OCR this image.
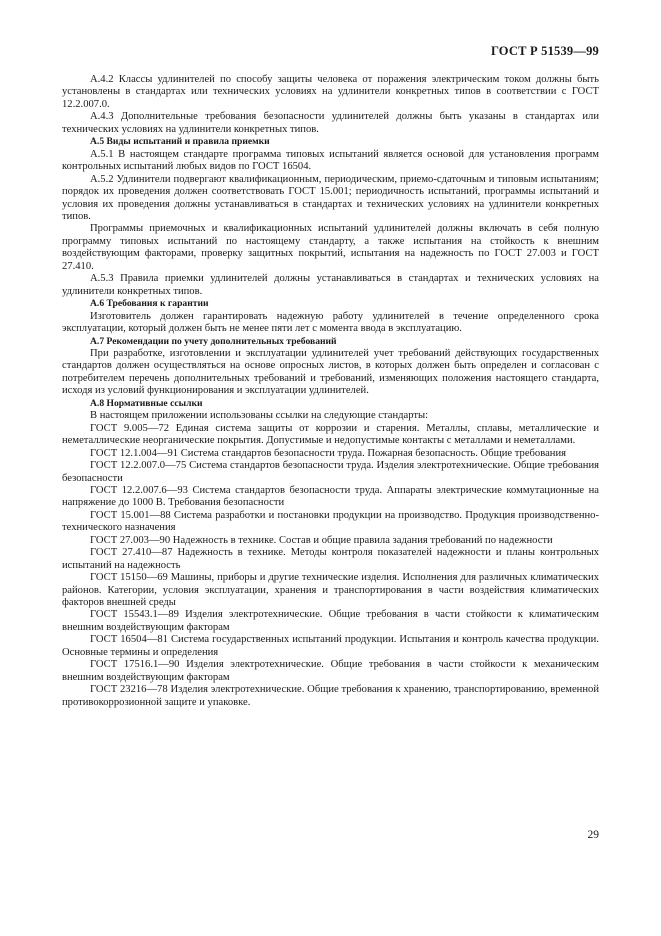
ГОСТ Р 51539—99

А.4.2 Классы удлинителей по способу защиты человека от поражения электрическим током должны быть установлены в стандартах или технических условиях на удлинители конкретных типов в соответствии с ГОСТ 12.2.007.0.

А.4.3 Дополнительные требования безопасности удлинителей должны быть указаны в стандартах или технических условиях на удлинители конкретных типов.

А.5 Виды испытаний и правила приемки

А.5.1 В настоящем стандарте программа типовых испытаний является основой для установления программ контрольных испытаний любых видов по ГОСТ 16504.

А.5.2 Удлинители подвергают квалификационным, периодическим, приемо-сдаточным и типовым испытаниям; порядок их проведения должен соответствовать ГОСТ 15.001; периодичность испытаний, программы испытаний и условия их проведения должны устанавливаться в стандартах и технических условиях на удлинители конкретных типов.

Программы приемочных и квалификационных испытаний удлинителей должны включать в себя полную программу типовых испытаний по настоящему стандарту, а также испытания на стойкость к внешним воздействующим факторами, проверку защитных покрытий, испытания на надежность по ГОСТ 27.003 и ГОСТ 27.410.

А.5.3 Правила приемки удлинителей должны устанавливаться в стандартах и технических условиях на удлинители конкретных типов.

А.6 Требования к гарантии

Изготовитель должен гарантировать надежную работу удлинителей в течение определенного срока эксплуатации, который должен быть не менее пяти лет с момента ввода в эксплуатацию.

А.7 Рекомендации по учету дополнительных требований

При разработке, изготовлении и эксплуатации удлинителей учет требований действующих государственных стандартов должен осуществляться на основе опросных листов, в которых должен быть определен и согласован с потребителем перечень дополнительных требований и требований, изменяющих положения настоящего стандарта, исходя из условий функционирования и эксплуатации удлинителей.

А.8 Нормативные ссылки

В настоящем приложении использованы ссылки на следующие стандарты:

ГОСТ 9.005—72 Единая система защиты от коррозии и старения. Металлы, сплавы, металлические и неметаллические неорганические покрытия. Допустимые и недопустимые контакты с металлами и неметаллами.

ГОСТ 12.1.004—91 Система стандартов безопасности труда. Пожарная безопасность. Общие требования

ГОСТ 12.2.007.0—75 Система стандартов безопасности труда. Изделия электротехнические. Общие требования безопасности

ГОСТ 12.2.007.6—93 Система стандартов безопасности труда. Аппараты электрические коммутационные на напряжение до 1000 В. Требования безопасности

ГОСТ 15.001—88 Система разработки и постановки продукции на производство. Продукция производственно-технического назначения

ГОСТ 27.003—90 Надежность в технике. Состав и общие правила задания требований по надежности

ГОСТ 27.410—87 Надежность в технике. Методы контроля показателей надежности и планы контрольных испытаний на надежность

ГОСТ 15150—69 Машины, приборы и другие технические изделия. Исполнения для различных климатических районов. Категории, условия эксплуатации, хранения и транспортирования в части воздействия климатических факторов внешней среды

ГОСТ 15543.1—89 Изделия электротехнические. Общие требования в части стойкости к климатическим внешним воздействующим факторам

ГОСТ 16504—81 Система государственных испытаний продукции. Испытания и контроль качества продукции. Основные термины и определения

ГОСТ 17516.1—90 Изделия электротехнические. Общие требования в части стойкости к механическим внешним воздействующим факторам

ГОСТ 23216—78 Изделия электротехнические. Общие требования к хранению, транспортированию, временной противокоррозионной защите и упаковке.

29
